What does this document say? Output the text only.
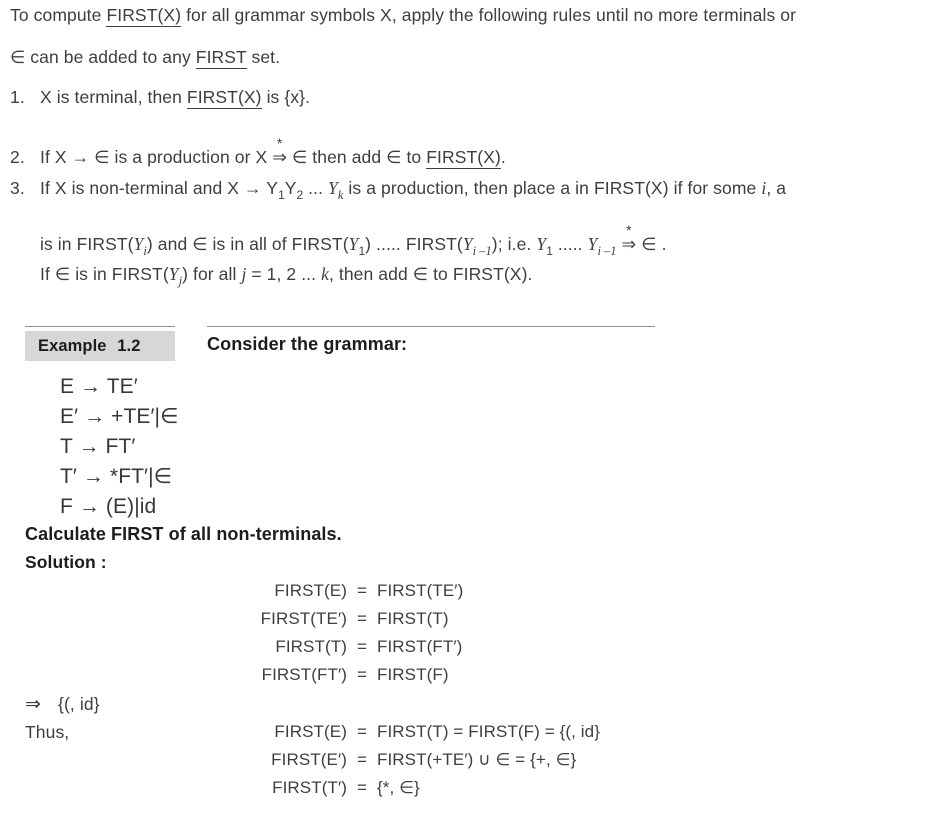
To compute FIRST(X) for all grammar symbols X, apply the following rules until no more terminals or
∈ can be added to any FIRST set.
1. X is terminal, then FIRST(X) is {x}.
2. If X → ∈ is a production or X
*
⇒ ∈ then add ∈ to FIRST(X).
3. If X is non-terminal and $X \to Y_1Y_2$ ... $Y_k$ is a production, then place a in FIRST(X) if for some i, a
is in $FIRST(Y_i)$ and ∈ is in all of $FIRST(Y_1)$ ..... $FIRST(Y_{i -1})$; i.e. $Y_1$ ..... $Y_{i -1}$
*
⇒ ∈ .
If ∈ is in $FIRST(Y_j)$ for all j = 1, 2 ... k, then add ∈ to FIRST(X).
Example 1.2	Consider the grammar:
E → TE′
E′ → +TE′|∈
T → FT′
T′ → *FT′|∈
F → (E)|id
Calculate FIRST of all non-terminals.
Solution :
FIRST(E) = FIRST(TE′)
FIRST(TE′) = FIRST(T)
FIRST(T) = FIRST(FT′)
FIRST(FT′) = FIRST(F)
⇒ {(, id}
Thus,	FIRST(E) = FIRST(T) = FIRST(F) = {(, id}
FIRST(E′) = FIRST(+TE′) ∪ ∈ = {+, ∈}
FIRST(T′) = {*, ∈}
